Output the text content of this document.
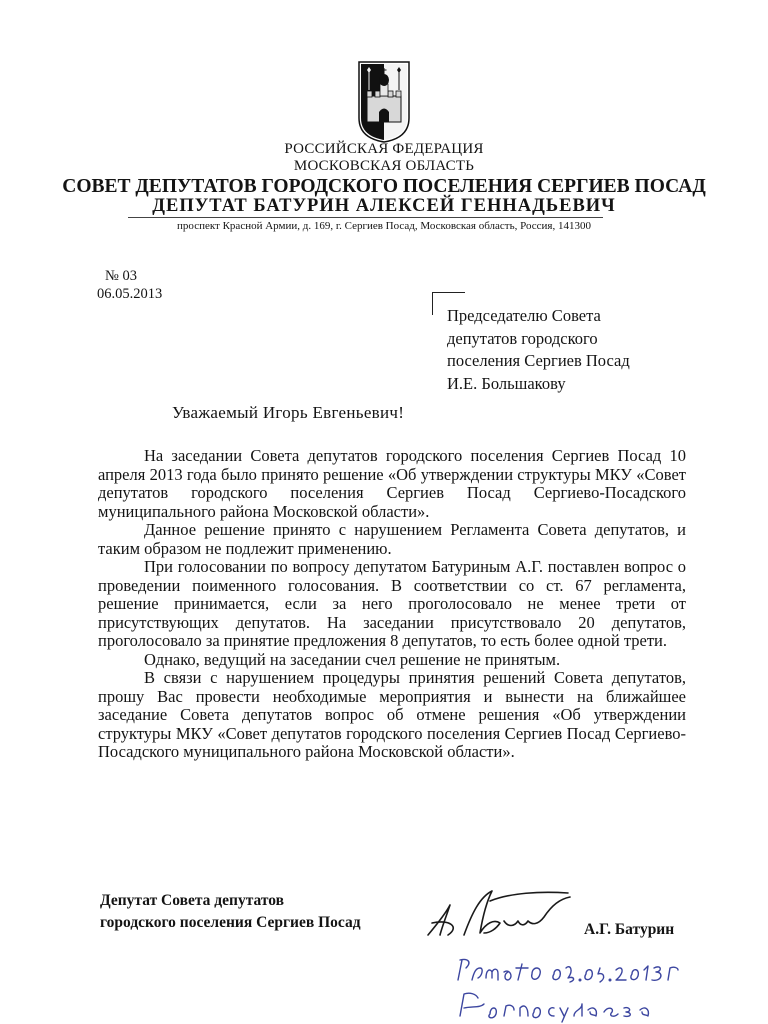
РОССИЙСКАЯ ФЕДЕРАЦИЯ
МОСКОВСКАЯ ОБЛАСТЬ
СОВЕТ ДЕПУТАТОВ ГОРОДСКОГО ПОСЕЛЕНИЯ СЕРГИЕВ ПОСАД
ДЕПУТАТ БАТУРИН АЛЕКСЕЙ ГЕННАДЬЕВИЧ
проспект Красной Армии, д. 169, г. Сергиев Посад, Московская область, Россия, 141300
№ 03
06.05.2013
Председателю Совета
депутатов городского
поселения Сергиев Посад
И.Е. Большакову
Уважаемый Игорь Евгеньевич!

На заседании Совета депутатов городского поселения Сергиев Посад 10 апреля 2013 года было принято решение «Об утверждении структуры МКУ «Совет депутатов городского поселения Сергиев Посад Сергиево-Посадского муниципального района Московской области».

Данное решение принято с нарушением Регламента Совета депутатов, и таким образом не подлежит применению.

При голосовании по вопросу депутатом Батуриным А.Г. поставлен вопрос о проведении поименного голосования. В соответствии со ст. 67 регламента, решение принимается, если за него проголосовало не менее трети от присутствующих депутатов. На заседании присутствовало 20 депутатов, проголосовало за принятие предложения 8 депутатов, то есть более одной трети.

Однако, ведущий на заседании счел решение не принятым.

В связи с нарушением процедуры принятия решений Совета депутатов, прошу Вас провести необходимые мероприятия и вынести на ближайшее заседание Совета депутатов вопрос об отмене решения «Об утверждении структуры МКУ «Совет депутатов городского поселения Сергиев Посад Сергиево-Посадского муниципального района Московской области».

Депутат Совета депутатов
городского поселения Сергиев Посад	А.Г. Батурин
